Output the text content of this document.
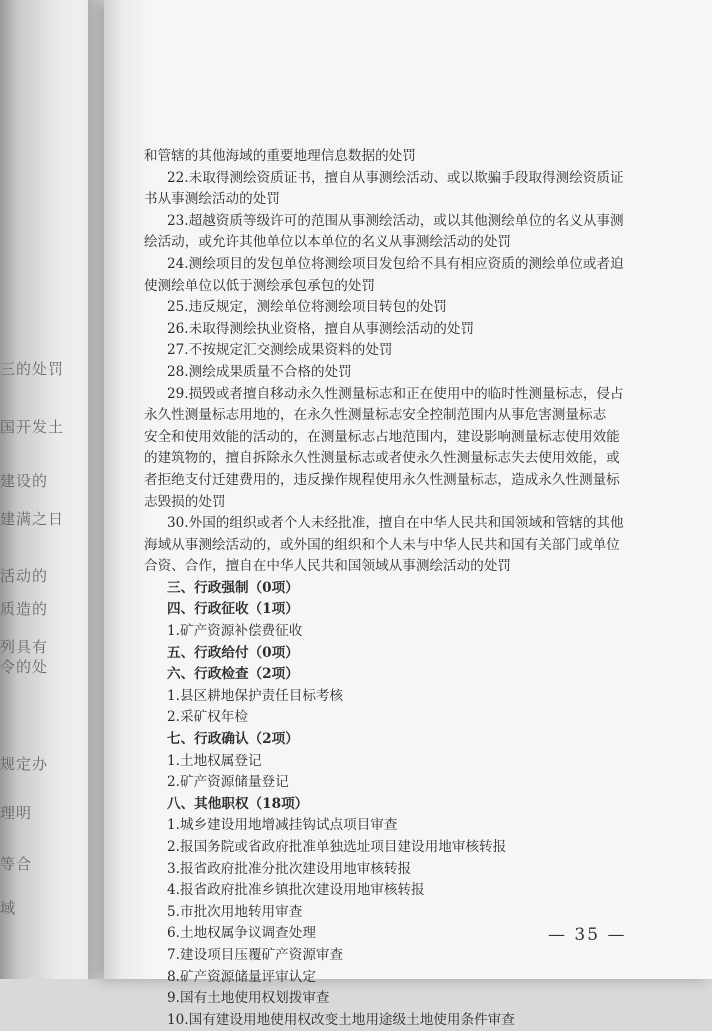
三的处罚
国开发土
建设的
建满之日
活动的
质造的
列具有
令的处
规定办
理明
等合
域
和管辖的其他海域的重要地理信息数据的处罚
22.未取得测绘资质证书，擅自从事测绘活动、或以欺骗手段取得测绘资质证
书从事测绘活动的处罚
23.超越资质等级许可的范围从事测绘活动，或以其他测绘单位的名义从事测
绘活动，或允许其他单位以本单位的名义从事测绘活动的处罚
24.测绘项目的发包单位将测绘项目发包给不具有相应资质的测绘单位或者迫
使测绘单位以低于测绘承包承包的处罚
25.违反规定，测绘单位将测绘项目转包的处罚
26.未取得测绘执业资格，擅自从事测绘活动的处罚
27.不按规定汇交测绘成果资料的处罚
28.测绘成果质量不合格的处罚
29.损毁或者擅自移动永久性测量标志和正在使用中的临时性测量标志，侵占
永久性测量标志用地的，在永久性测量标志安全控制范围内从事危害测量标志
安全和使用效能的活动的，在测量标志占地范围内，建设影响测量标志使用效能
的建筑物的，擅自拆除永久性测量标志或者使永久性测量标志失去使用效能，或
者拒绝支付迁建费用的，违反操作规程使用永久性测量标志，造成永久性测量标
志毁损的处罚
30.外国的组织或者个人未经批准，擅自在中华人民共和国领域和管辖的其他
海域从事测绘活动的，或外国的组织和个人未与中华人民共和国有关部门或单位
合资、合作，擅自在中华人民共和国领域从事测绘活动的处罚
三、行政强制（0项）
四、行政征收（1项）
1.矿产资源补偿费征收
五、行政给付（0项）
六、行政检查（2项）
1.县区耕地保护责任目标考核
2.采矿权年检
七、行政确认（2项）
1.土地权属登记
2.矿产资源储量登记
八、其他职权（18项）
1.城乡建设用地增减挂钩试点项目审查
2.报国务院或省政府批准单独选址项目建设用地审核转报
3.报省政府批准分批次建设用地审核转报
4.报省政府批准乡镇批次建设用地审核转报
5.市批次用地转用审查
6.土地权属争议调查处理
7.建设项目压覆矿产资源审查
8.矿产资源储量评审认定
9.国有土地使用权划拨审查
10.国有建设用地使用权改变土地用途级土地使用条件审查
— 35 —
